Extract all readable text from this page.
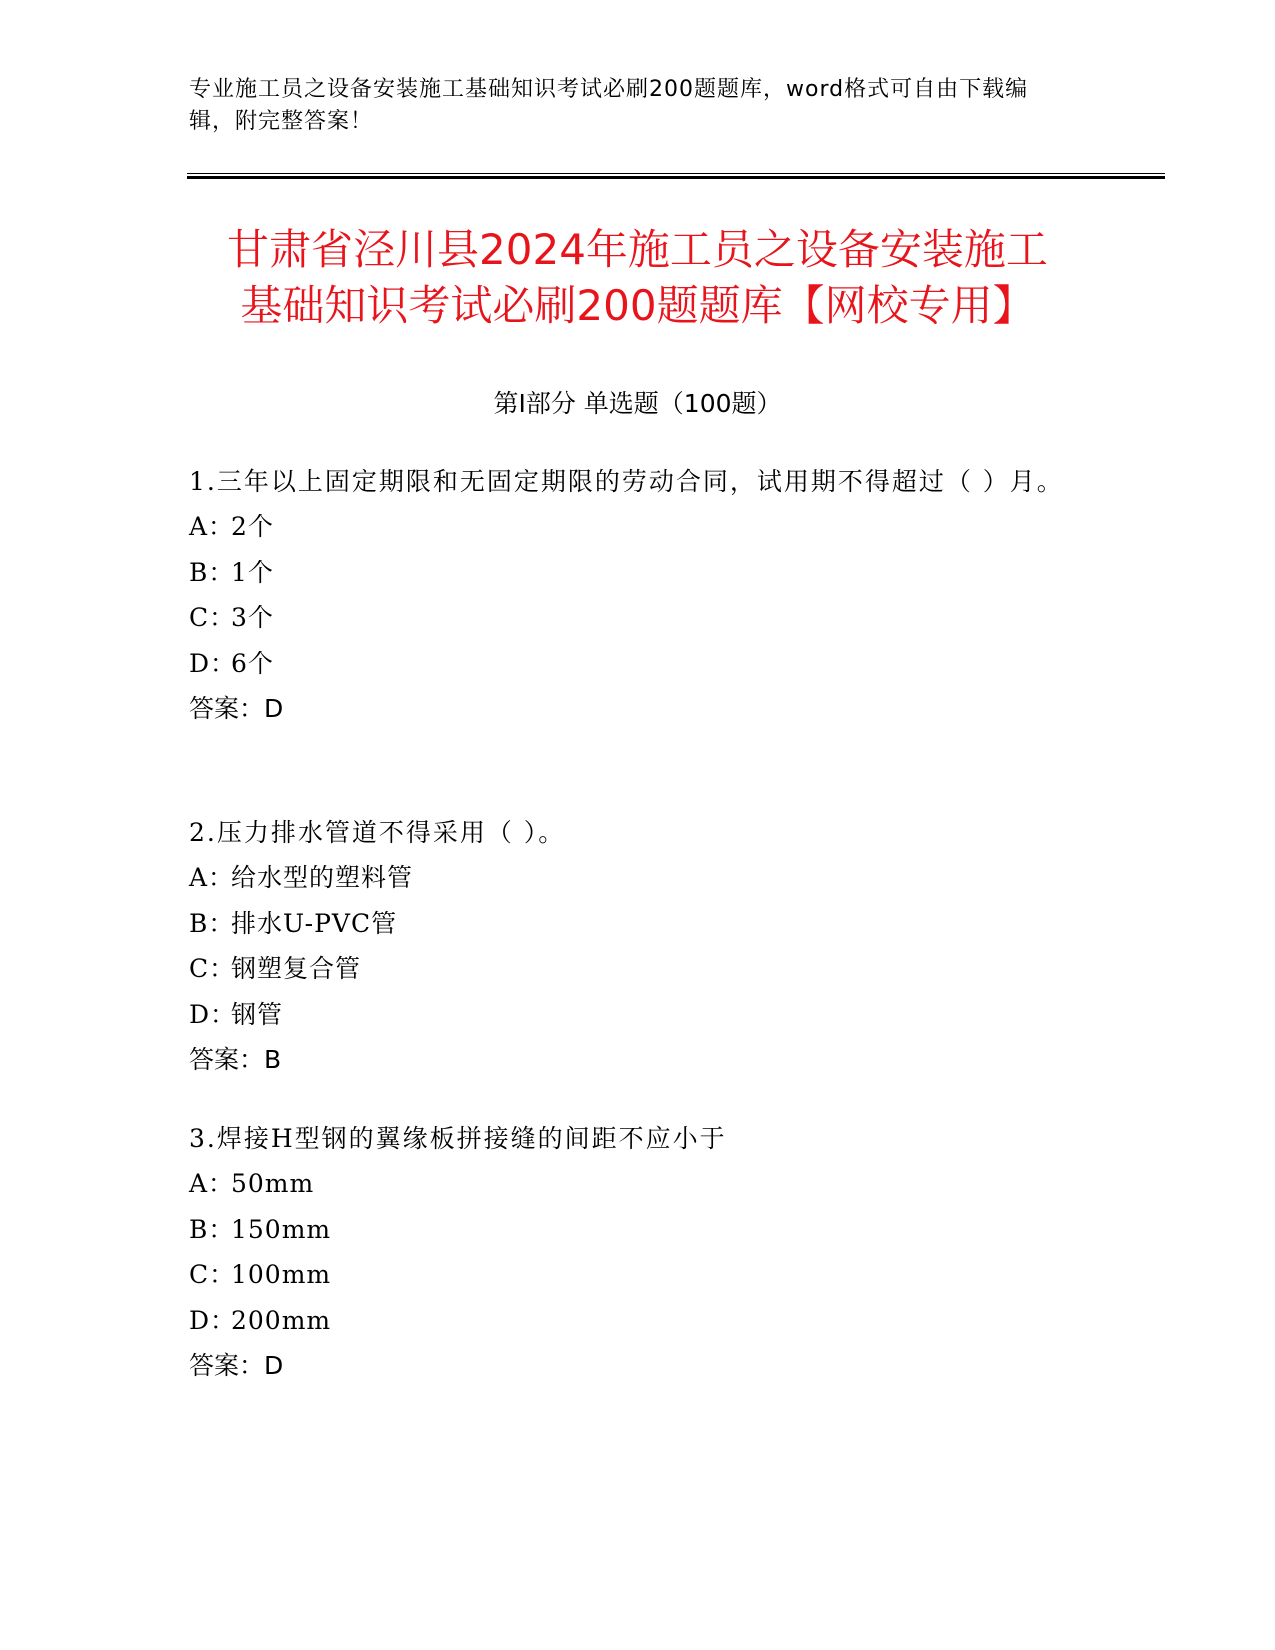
专业施工员之设备安装施工基础知识考试必刷200题题库，word格式可自由下载编辑，附完整答案！
甘肃省泾川县2024年施工员之设备安装施工
基础知识考试必刷200题题库【网校专用】
第Ⅰ部分 单选题（100题）
1.三年以上固定期限和无固定期限的劳动合同，试用期不得超过（ ）月。
A：2个
B：1个
C：3个
D：6个
答案：D
2.压力排水管道不得采用（ ）。
A：给水型的塑料管
B：排水U-PVC管
C：钢塑复合管
D：钢管
答案：B
3.焊接H型钢的翼缘板拼接缝的间距不应小于
A：50mm
B：150mm
C：100mm
D：200mm
答案：D
